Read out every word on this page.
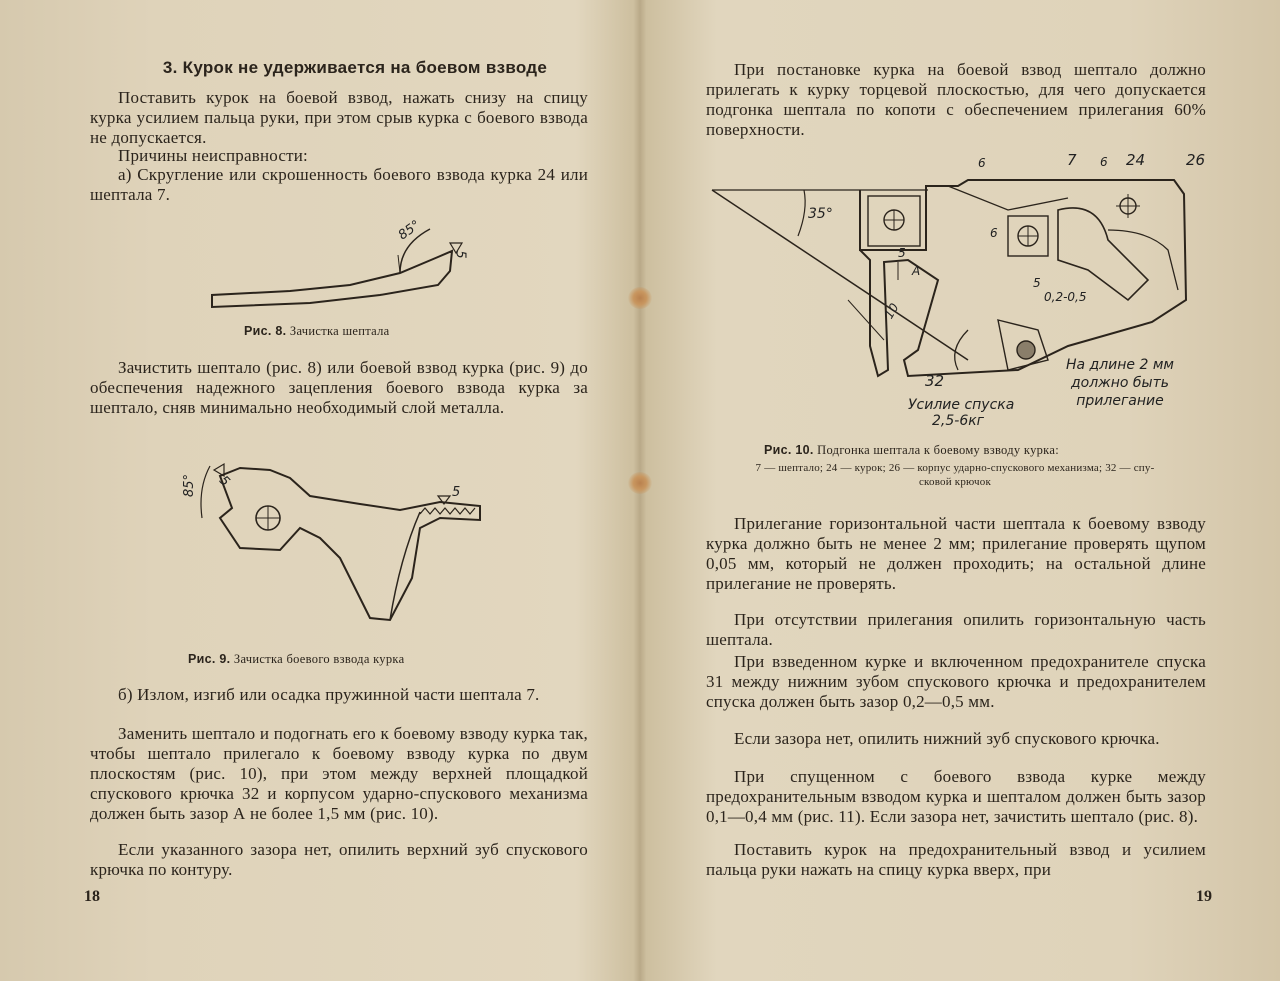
3. Курок не удерживается на боевом взводе

Поставить курок на боевой взвод, нажать снизу на спицу курка усилием пальца руки, при этом срыв курка с боевого взвода не допускается.

Причины неисправности:

а) Скругление или скрошенность боевого взвода курка 24 или шептала 7.

85°
5
Рис. 8. Зачистка шептала

Зачистить шептало (рис. 8) или боевой взвод курка (рис. 9) до обеспечения надежного зацепления боевого взвода курка за шептало, сняв минимально необходимый слой металла.

85° 5
5
Рис. 9. Зачистка боевого взвода курка

б) Излом, изгиб или осадка пружинной части шептала 7.

Заменить шептало и подогнать его к боевому взводу курка так, чтобы шептало прилегало к боевому взводу курка по двум плоскостям (рис. 10), при этом между верхней площадкой спускового крючка 32 и корпусом ударно-спускового механизма должен быть зазор А не более 1,5 мм (рис. 10).

Если указанного зазора нет, опилить верхний зуб спускового крючка по контуру.

18

При постановке курка на боевой взвод шептало должно прилегать к курку торцевой плоскостью, для чего допускается подгонка шептала по копоти с обеспечением прилегания 60% поверхности.

7	24	26
35°
6	6
6
5
5
А
10
0,2-0,5
32
На длине 2 мм должно быть прилегание
Усилие спуска
2,5-6кг
Рис. 10. Подгонка шептала к боевому взводу курка:
7 — шептало; 24 — курок; 26 — корпус ударно-спускового механизма; 32 — спу-
сковой крючок

Прилегание горизонтальной части шептала к боевому взводу курка должно быть не менее 2 мм; прилегание проверять щупом 0,05 мм, который не должен проходить; на остальной длине прилегание не проверять.

При отсутствии прилегания опилить горизонтальную часть шептала.

При взведенном курке и включенном предохранителе спуска 31 между нижним зубом спускового крючка и предохранителем спуска должен быть зазор 0,2—0,5 мм.

Если зазора нет, опилить нижний зуб спускового крючка.

При спущенном с боевого взвода курке между предохранительным взводом курка и шепталом должен быть зазор 0,1—0,4 мм (рис. 11). Если зазора нет, зачистить шептало (рис. 8).

Поставить курок на предохранительный взвод и усилием пальца руки нажать на спицу курка вверх, при

19
